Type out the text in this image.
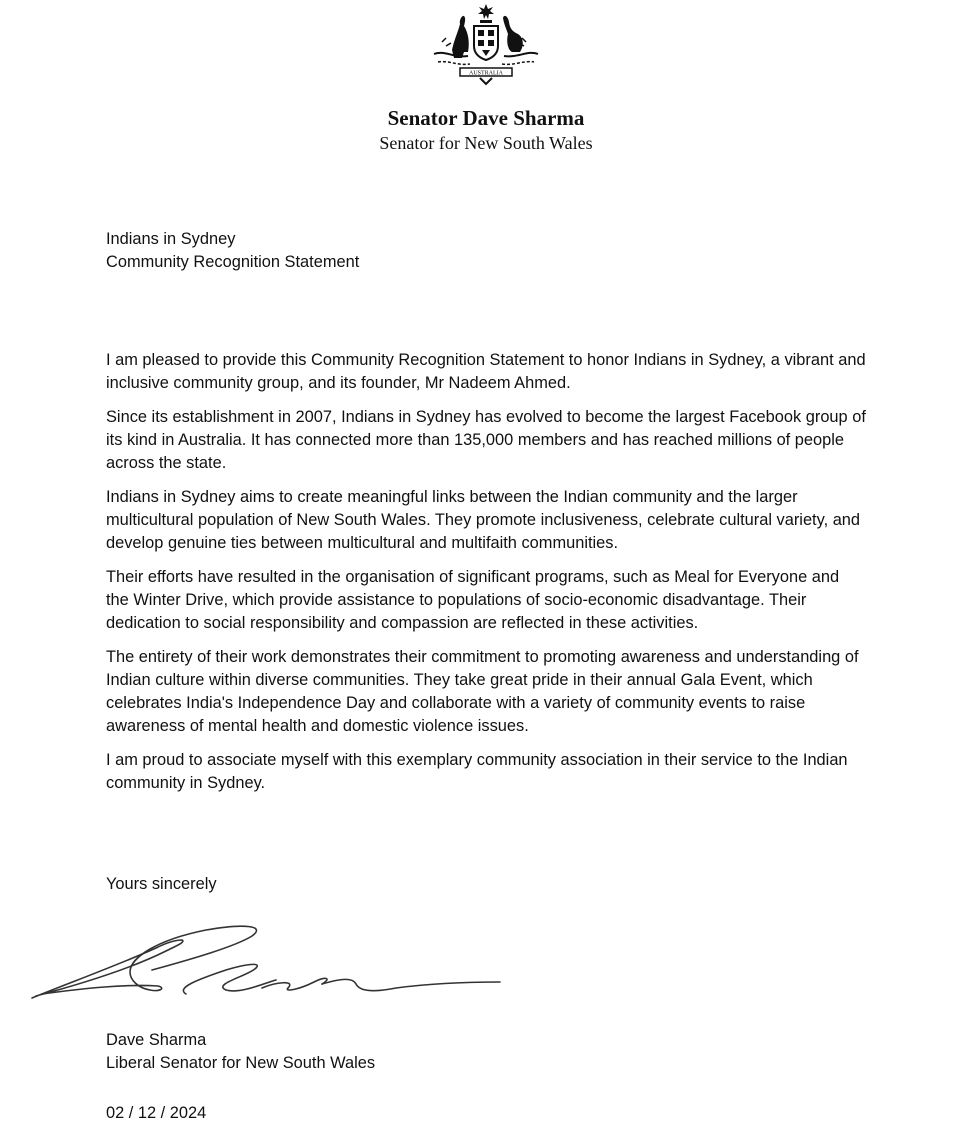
AUSTRALIA
Senator Dave Sharma
Senator for New South Wales
Indians in Sydney
Community Recognition Statement

I am pleased to provide this Community Recognition Statement to honor Indians in Sydney, a vibrant and inclusive community group, and its founder, Mr Nadeem Ahmed.

Since its establishment in 2007, Indians in Sydney has evolved to become the largest Facebook group of its kind in Australia. It has connected more than 135,000 members and has reached millions of people across the state.

Indians in Sydney aims to create meaningful links between the Indian community and the larger multicultural population of New South Wales. They promote inclusiveness, celebrate cultural variety, and develop genuine ties between multicultural and multifaith communities.

Their efforts have resulted in the organisation of significant programs, such as Meal for Everyone and the Winter Drive, which provide assistance to populations of socio-economic disadvantage. Their dedication to social responsibility and compassion are reflected in these activities.

The entirety of their work demonstrates their commitment to promoting awareness and understanding of Indian culture within diverse communities. They take great pride in their annual Gala Event, which celebrates India's Independence Day and collaborate with a variety of community events to raise awareness of mental health and domestic violence issues.

I am proud to associate myself with this exemplary community association in their service to the Indian community in Sydney.

Yours sincerely
Dave Sharma
Liberal Senator for New South Wales
02 / 12 / 2024
